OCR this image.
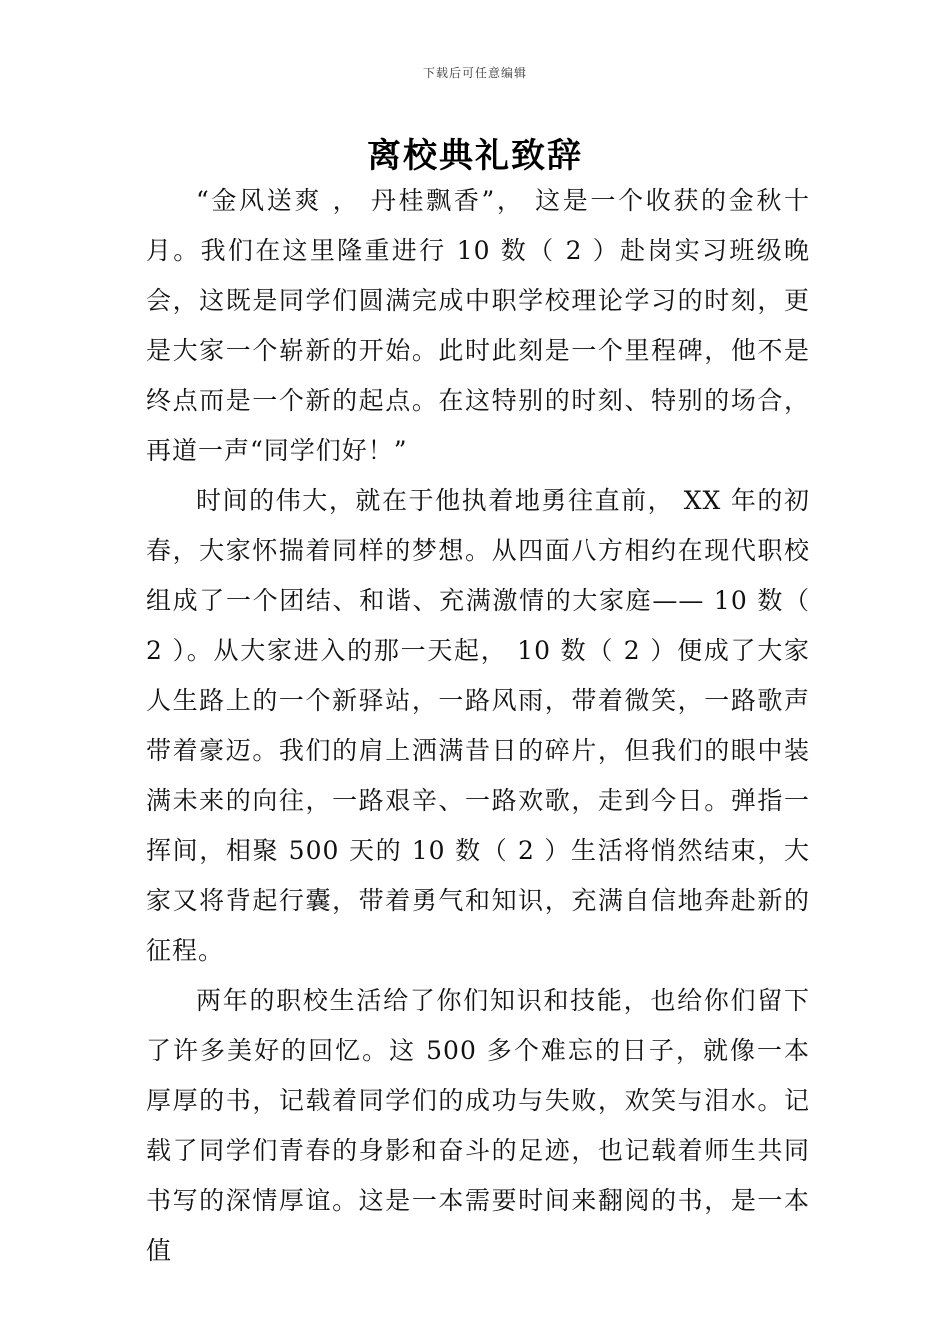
下载后可任意编辑
离校典礼致辞

“金风送爽 ， 丹桂飘香”， 这是一个收获的金秋十月。我们在这里隆重进行 10 数（ 2 ）赴岗实习班级晚会，这既是同学们圆满完成中职学校理论学习的时刻，更是大家一个崭新的开始。此时此刻是一个里程碑，他不是终点而是一个新的起点。在这特别的时刻、特别的场合，再道一声“同学们好！”

时间的伟大，就在于他执着地勇往直前， XX 年的初春，大家怀揣着同样的梦想。从四面八方相约在现代职校组成了一个团结、和谐、充满激情的大家庭—— 10 数（ 2 ）。从大家进入的那一天起， 10 数（ 2 ）便成了大家人生路上的一个新驿站，一路风雨，带着微笑，一路歌声带着豪迈。我们的肩上洒满昔日的碎片，但我们的眼中装满未来的向往，一路艰辛、一路欢歌，走到今日。弹指一挥间，相聚 500 天的 10 数（ 2 ）生活将悄然结束，大家又将背起行囊，带着勇气和知识，充满自信地奔赴新的征程。

两年的职校生活给了你们知识和技能，也给你们留下了许多美好的回忆。这 500 多个难忘的日子，就像一本厚厚的书，记载着同学们的成功与失败，欢笑与泪水。记载了同学们青春的身影和奋斗的足迹，也记载着师生共同书写的深情厚谊。这是一本需要时间来翻阅的书，是一本值
